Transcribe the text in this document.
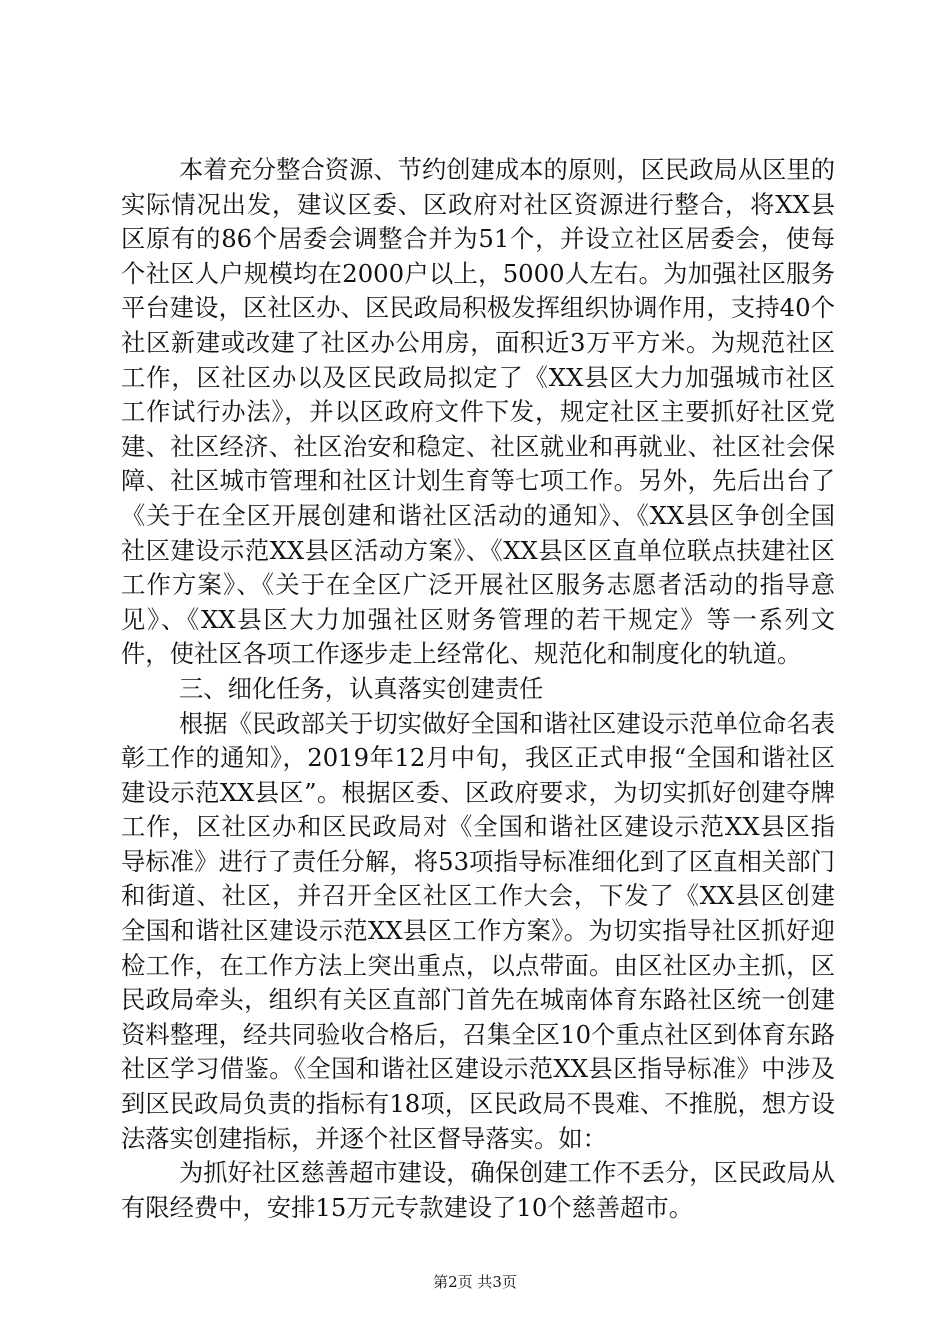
本着充分整合资源、节约创建成本的原则，区民政局从区里的实际情况出发，建议区委、区政府对社区资源进行整合，将XX县区原有的86个居委会调整合并为51个，并设立社区居委会，使每个社区人户规模均在2000户以上，5000人左右。为加强社区服务平台建设，区社区办、区民政局积极发挥组织协调作用，支持40个社区新建或改建了社区办公用房，面积近3万平方米。为规范社区工作，区社区办以及区民政局拟定了《XX县区大力加强城市社区工作试行办法》，并以区政府文件下发，规定社区主要抓好社区党建、社区经济、社区治安和稳定、社区就业和再就业、社区社会保障、社区城市管理和社区计划生育等七项工作。另外，先后出台了《关于在全区开展创建和谐社区活动的通知》、《XX县区争创全国社区建设示范XX县区活动方案》、《XX县区区直单位联点扶建社区工作方案》、《关于在全区广泛开展社区服务志愿者活动的指导意见》、《XX县区大力加强社区财务管理的若干规定》等一系列文件，使社区各项工作逐步走上经常化、规范化和制度化的轨道。

三、细化任务，认真落实创建责任

根据《民政部关于切实做好全国和谐社区建设示范单位命名表彰工作的通知》，2019年12月中旬，我区正式申报“全国和谐社区建设示范XX县区”。根据区委、区政府要求，为切实抓好创建夺牌工作，区社区办和区民政局对《全国和谐社区建设示范XX县区指导标准》进行了责任分解，将53项指导标准细化到了区直相关部门和街道、社区，并召开全区社区工作大会，下发了《XX县区创建全国和谐社区建设示范XX县区工作方案》。为切实指导社区抓好迎检工作，在工作方法上突出重点，以点带面。由区社区办主抓，区民政局牵头，组织有关区直部门首先在城南体育东路社区统一创建资料整理，经共同验收合格后，召集全区10个重点社区到体育东路社区学习借鉴。《全国和谐社区建设示范XX县区指导标准》中涉及到区民政局负责的指标有18项，区民政局不畏难、不推脱，想方设法落实创建指标，并逐个社区督导落实。如：

为抓好社区慈善超市建设，确保创建工作不丢分，区民政局从有限经费中，安排15万元专款建设了10个慈善超市。

第2页 共3页
